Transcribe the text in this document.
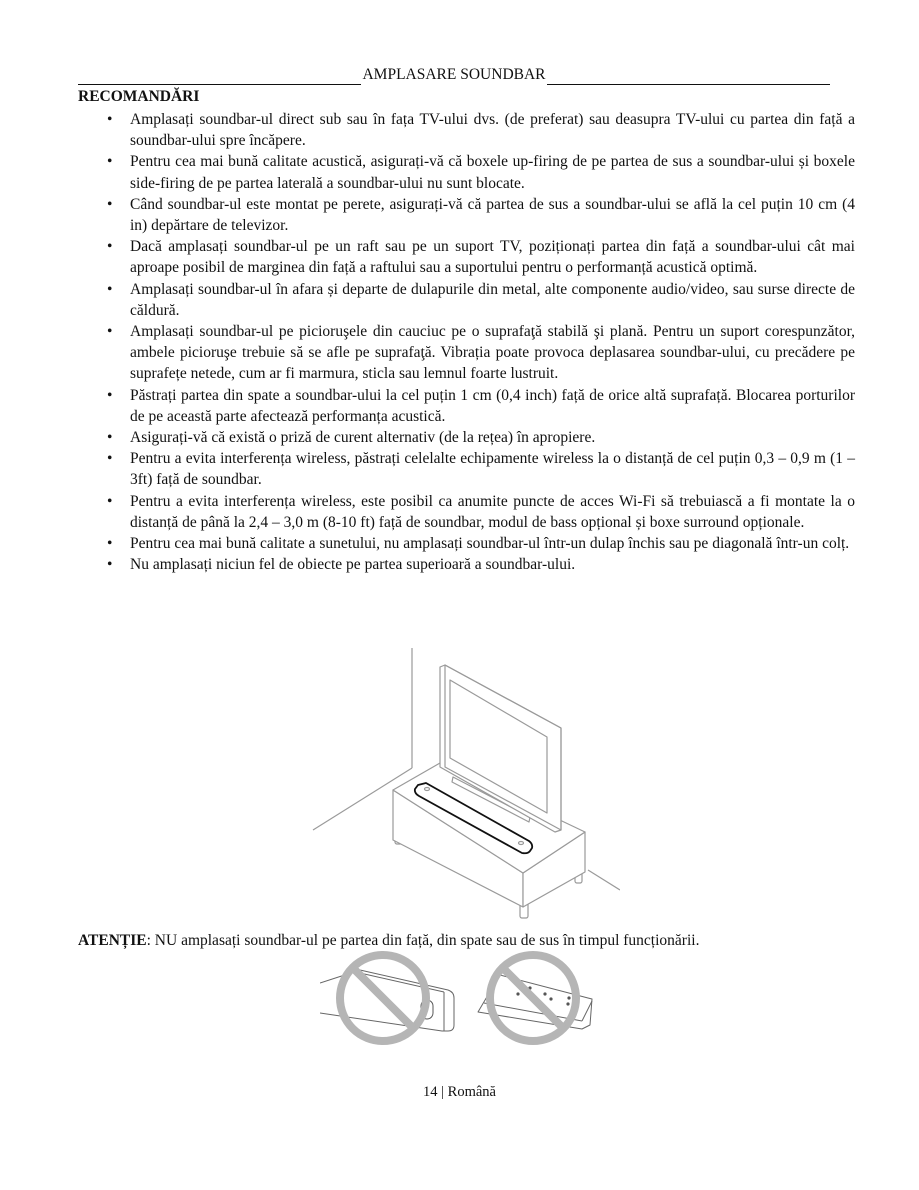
AMPLASARE SOUNDBAR
RECOMANDĂRI
• Amplasați soundbar-ul direct sub sau în fața TV-ului dvs. (de preferat) sau deasupra TV-ului cu partea din față a soundbar-ului spre încăpere.
• Pentru cea mai bună calitate acustică, asigurați-vă că boxele up-firing de pe partea de sus a soundbar-ului și boxele side-firing de pe partea laterală a soundbar-ului nu sunt blocate.
• Când soundbar-ul este montat pe perete, asigurați-vă că partea de sus a soundbar-ului se află la cel puțin 10 cm (4 in) depărtare de televizor.
• Dacă amplasați soundbar-ul pe un raft sau pe un suport TV, poziționați partea din față a soundbar-ului cât mai aproape posibil de marginea din față a raftului sau a suportului pentru o performanță acustică optimă.
• Amplasați soundbar-ul în afara și departe de dulapurile din metal, alte componente audio/video, sau surse directe de căldură.
• Amplasați soundbar-ul pe picioruşele din cauciuc pe o suprafaţă stabilă şi plană. Pentru un suport corespunzător, ambele picioruşe trebuie să se afle pe suprafaţă. Vibrația poate provoca deplasarea soundbar-ului, cu precădere pe suprafețe netede, cum ar fi marmura, sticla sau lemnul foarte lustruit.
• Păstrați partea din spate a soundbar-ului la cel puțin 1 cm (0,4 inch) față de orice altă suprafață. Blocarea porturilor de pe această parte afectează performanța acustică.
• Asigurați-vă că există o priză de curent alternativ (de la rețea) în apropiere.
• Pentru a evita interferența wireless, păstrați celelalte echipamente wireless la o distanță de cel puțin 0,3 – 0,9 m (1 – 3ft) față de soundbar.
• Pentru a evita interferența wireless, este posibil ca anumite puncte de acces Wi-Fi să trebuiască a fi montate la o distanță de până la 2,4 – 3,0 m (8-10 ft) față de soundbar, modul de bass opțional și boxe surround opționale.
• Pentru cea mai bună calitate a sunetului, nu amplasați soundbar-ul într-un dulap închis sau pe diagonală într-un colț.
• Nu amplasați niciun fel de obiecte pe partea superioară a soundbar-ului.
ATENȚIE: NU amplasați soundbar-ul pe partea din față, din spate sau de sus în timpul funcționării.
14 | Română
